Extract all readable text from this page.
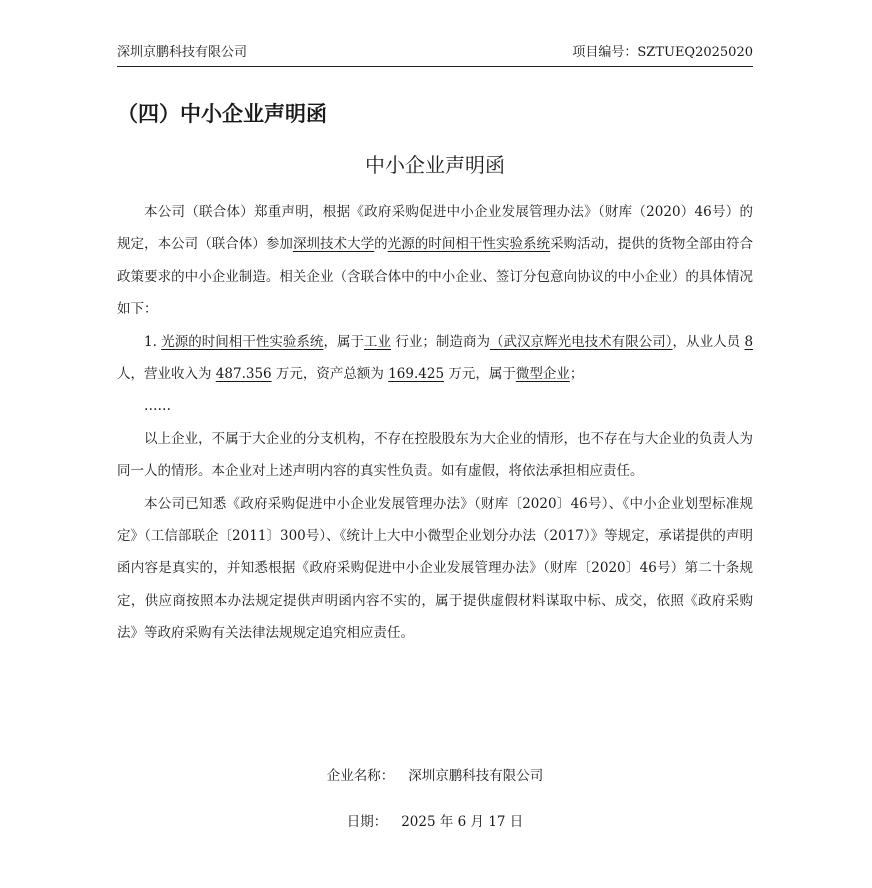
深圳京鹏科技有限公司	项目编号：SZTUEQ2025020
（四）中小企业声明函
中小企业声明函

本公司（联合体）郑重声明，根据《政府采购促进中小企业发展管理办法》（财库（2020）46号）的规定，本公司（联合体）参加深圳技术大学的光源的时间相干性实验系统采购活动，提供的货物全部由符合政策要求的中小企业制造。相关企业（含联合体中的中小企业、签订分包意向协议的中小企业）的具体情况如下：

1. 光源的时间相干性实验系统，属于工业 行业；制造商为（武汉京辉光电技术有限公司），从业人员 8 人，营业收入为 487.356 万元，资产总额为 169.425 万元，属于微型企业；

……

以上企业，不属于大企业的分支机构，不存在控股股东为大企业的情形，也不存在与大企业的负责人为同一人的情形。本企业对上述声明内容的真实性负责。如有虚假，将依法承担相应责任。

本公司已知悉《政府采购促进中小企业发展管理办法》（财库〔2020〕46号）、《中小企业划型标准规定》（工信部联企〔2011〕300号）、《统计上大中小微型企业划分办法（2017）》等规定，承诺提供的声明函内容是真实的，并知悉根据《政府采购促进中小企业发展管理办法》（财库〔2020〕46号）第二十条规定，供应商按照本办法规定提供声明函内容不实的，属于提供虚假材料谋取中标、成交，依照《政府采购法》等政府采购有关法律法规规定追究相应责任。

企业名称： 深圳京鹏科技有限公司
日期： 2025 年 6 月 17 日
